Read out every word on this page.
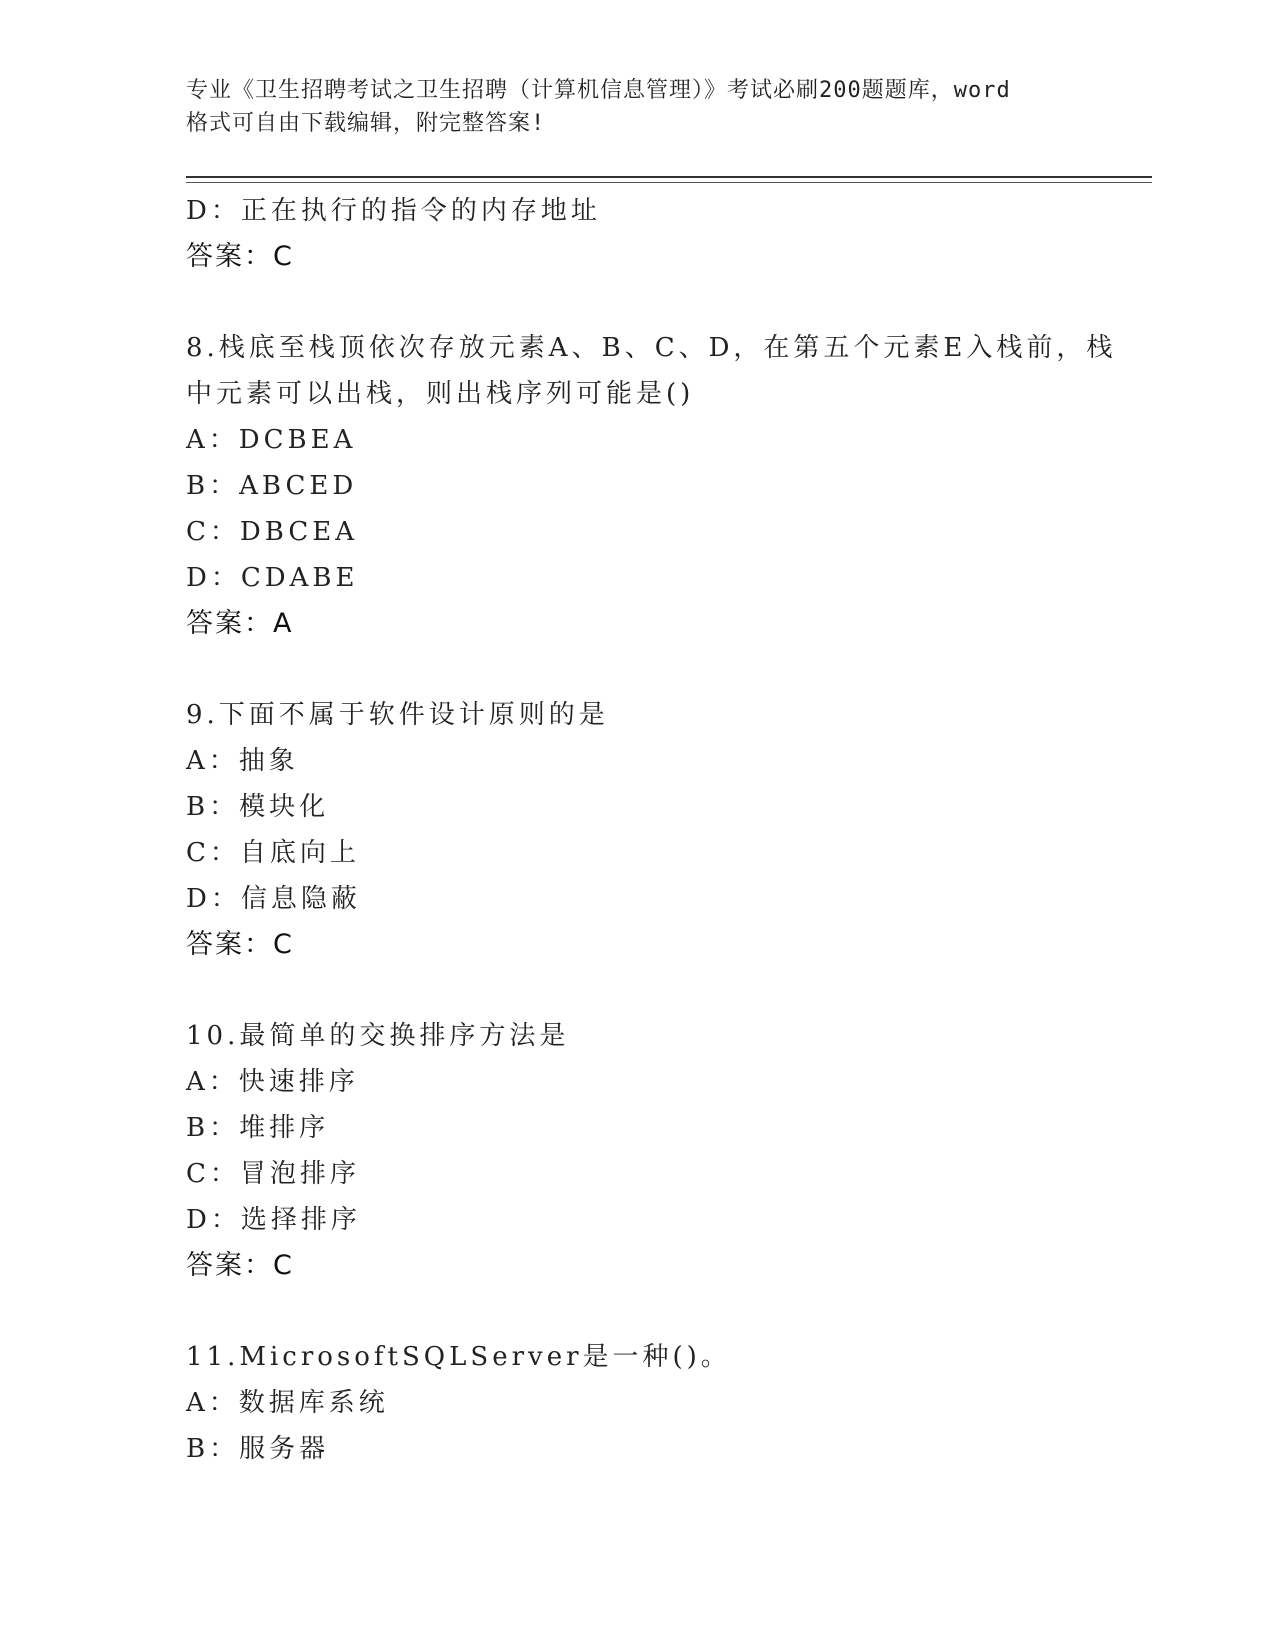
专业《卫生招聘考试之卫生招聘（计算机信息管理）》考试必刷200题题库，word
格式可自由下载编辑，附完整答案!
D：正在执行的指令的内存地址
答案：C
8.栈底至栈顶依次存放元素A、B、C、D，在第五个元素E入栈前，栈
中元素可以出栈，则出栈序列可能是()
A：DCBEA
B：ABCED
C：DBCEA
D：CDABE
答案：A
9.下面不属于软件设计原则的是
A：抽象
B：模块化
C：自底向上
D：信息隐蔽
答案：C
10.最简单的交换排序方法是
A：快速排序
B：堆排序
C：冒泡排序
D：选择排序
答案：C
11.MicrosoftSQLServer是一种()。
A：数据库系统
B：服务器
